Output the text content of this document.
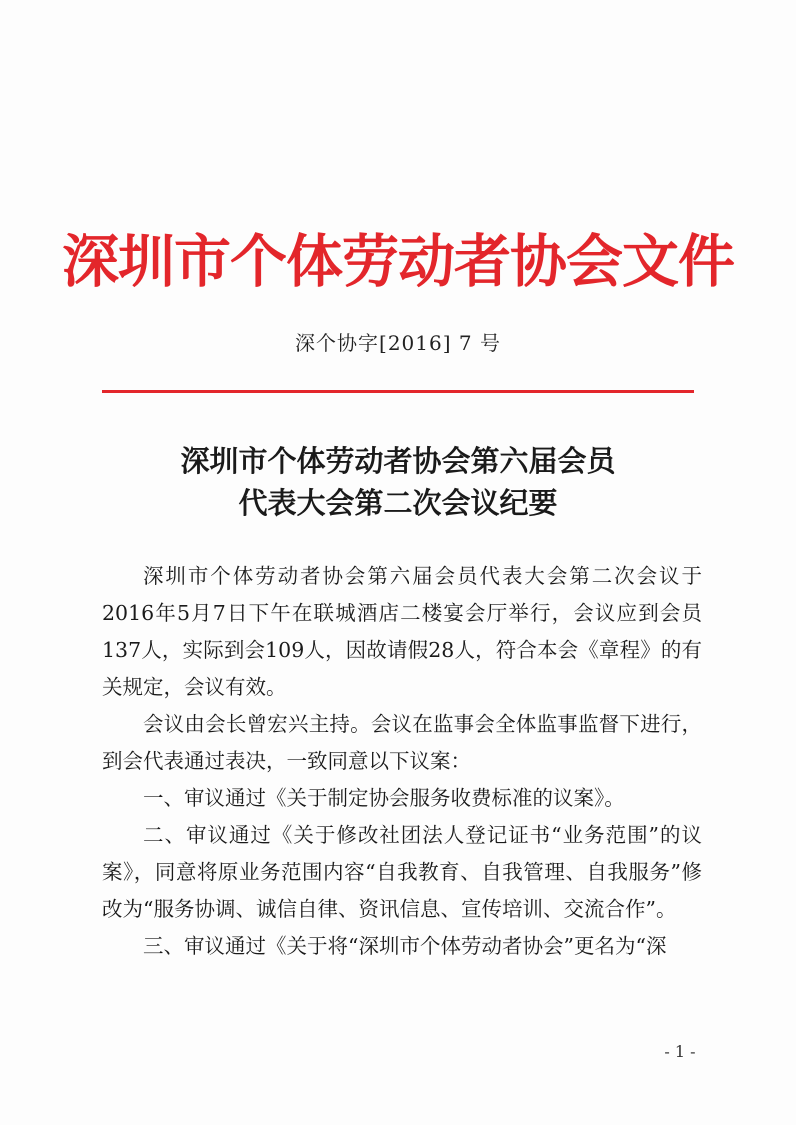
深圳市个体劳动者协会文件
深个协字[2016] 7 号
深圳市个体劳动者协会第六届会员
代表大会第二次会议纪要

深圳市个体劳动者协会第六届会员代表大会第二次会议于2016年5月7日下午在联城酒店二楼宴会厅举行，会议应到会员137人，实际到会109人，因故请假28人，符合本会《章程》的有关规定，会议有效。

会议由会长曾宏兴主持。会议在监事会全体监事监督下进行，到会代表通过表决，一致同意以下议案：

一、审议通过《关于制定协会服务收费标准的议案》。

二、审议通过《关于修改社团法人登记证书“业务范围”的议案》，同意将原业务范围内容“自我教育、自我管理、自我服务”修改为“服务协调、诚信自律、资讯信息、宣传培训、交流合作”。

三、审议通过《关于将“深圳市个体劳动者协会”更名为“深

- 1 -
